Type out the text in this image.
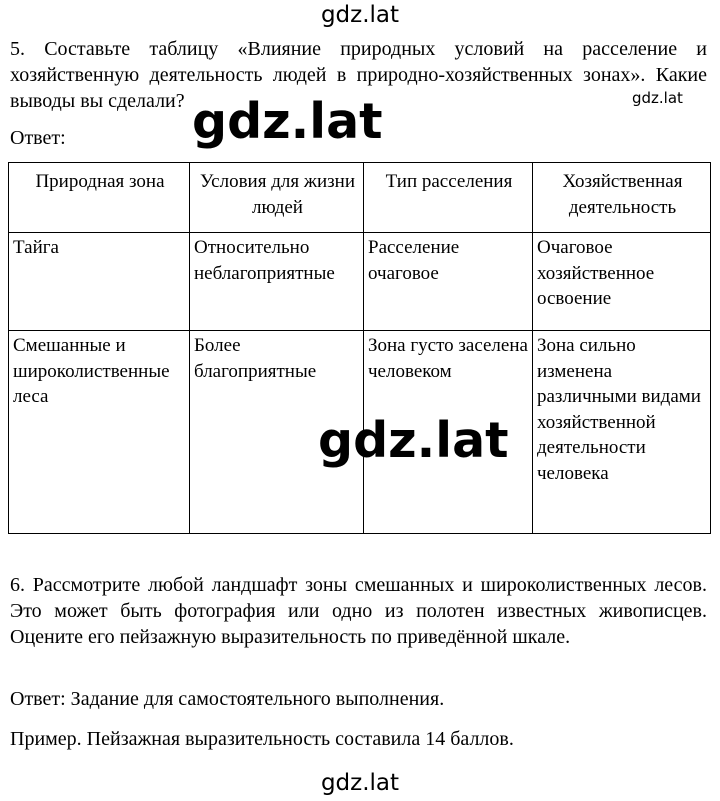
gdz.lat
5. Составьте таблицу «Влияние природных условий на расселение и хозяйственную деятельность людей в природно-хозяйственных зонах». Какие выводы вы сделали?	gdz.lat
Ответ:	gdz.lat
Природная зона	Условия для жизни людей	Тип расселения	Хозяйственная деятельность
Тайга	Относительно неблагоприятные	Расселение очаговое	Очаговое хозяйственное освоение
Смешанные и широколиственные леса	Более благоприятные	Зона густо заселена человеком	Зона сильно изменена различными видами хозяйственной деятельности человека
gdz.lat
6. Рассмотрите любой ландшафт зоны смешанных и широколиственных лесов. Это может быть фотография или одно из полотен известных живописцев. Оцените его пейзажную выразительность по приведённой шкале.
Ответ: Задание для самостоятельного выполнения.
Пример. Пейзажная выразительность составила 14 баллов.
gdz.lat
